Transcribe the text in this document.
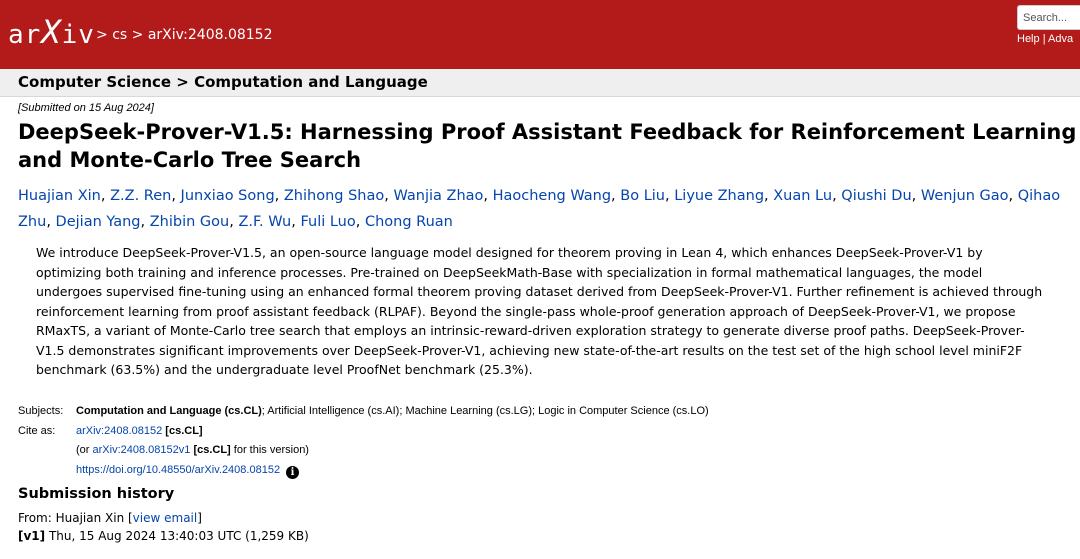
arXiv > cs > arXiv:2408.08152
Search...
Help | Adva
Computer Science > Computation and Language
[Submitted on 15 Aug 2024]
DeepSeek-Prover-V1.5: Harnessing Proof Assistant Feedback for Reinforcement Learning and Monte-Carlo Tree Search
Huajian Xin, Z.Z. Ren, Junxiao Song, Zhihong Shao, Wanjia Zhao, Haocheng Wang, Bo Liu, Liyue Zhang, Xuan Lu, Qiushi Du, Wenjun Gao, Qihao Zhu, Dejian Yang, Zhibin Gou, Z.F. Wu, Fuli Luo, Chong Ruan
We introduce DeepSeek-Prover-V1.5, an open-source language model designed for theorem proving in Lean 4, which enhances DeepSeek-Prover-V1 by optimizing both training and inference processes. Pre-trained on DeepSeekMath-Base with specialization in formal mathematical languages, the model undergoes supervised fine-tuning using an enhanced formal theorem proving dataset derived from DeepSeek-Prover-V1. Further refinement is achieved through reinforcement learning from proof assistant feedback (RLPAF). Beyond the single-pass whole-proof generation approach of DeepSeek-Prover-V1, we propose RMaxTS, a variant of Monte-Carlo tree search that employs an intrinsic-reward-driven exploration strategy to generate diverse proof paths. DeepSeek-Prover-V1.5 demonstrates significant improvements over DeepSeek-Prover-V1, achieving new state-of-the-art results on the test set of the high school level miniF2F benchmark (63.5%) and the undergraduate level ProofNet benchmark (25.3%).
Subjects:	Computation and Language (cs.CL); Artificial Intelligence (cs.AI); Machine Learning (cs.LG); Logic in Computer Science (cs.LO)
Cite as:	arXiv:2408.08152 [cs.CL]
(or arXiv:2408.08152v1 [cs.CL] for this version)
https://doi.org/10.48550/arXiv.2408.08152 i
Submission history
From: Huajian Xin [view email]
[v1] Thu, 15 Aug 2024 13:40:03 UTC (1,259 KB)
